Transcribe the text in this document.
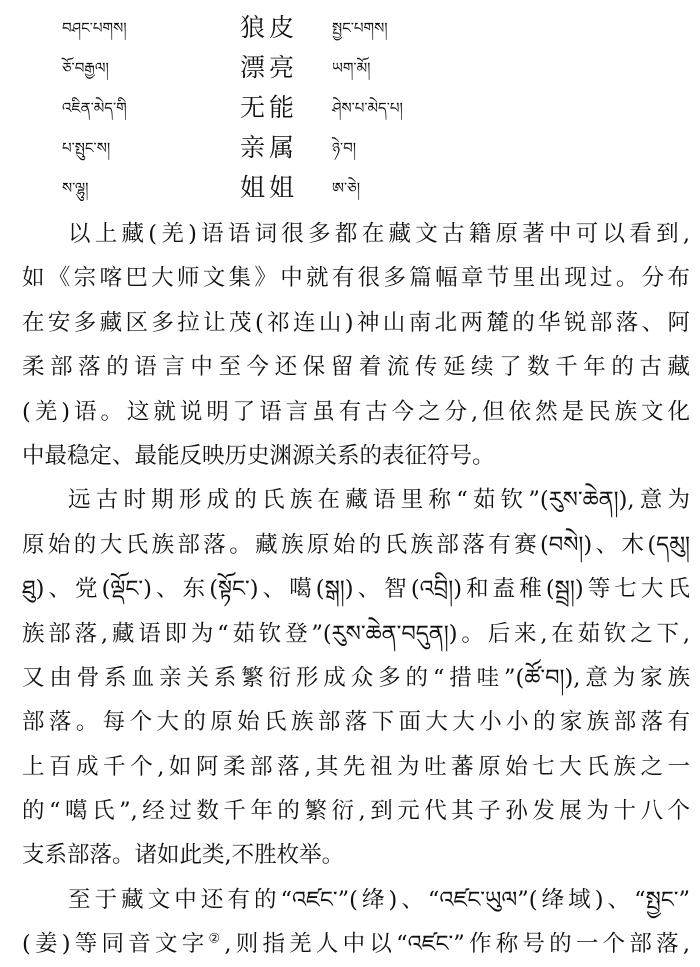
བཤང་པགས།	狼皮 སྤྱང་པགས།
ཅོ་བརྒྱལ།	漂亮 ཡག་མོ།
འཇིན་མེད་གི	无能 ཤེས་པ་མེད་པ།
པ་སྤུང་ས།	亲属 ཉེ་བ།
ས་ལྷུ།	姐姐 ཨ་ཅེ།
以上藏(羌)语语词很多都在藏文古籍原著中可以看到,
如《宗喀巴大师文集》中就有很多篇幅章节里出现过。分布
在安多藏区多拉让茂(祁连山)神山南北两麓的华锐部落、阿
柔部落的语言中至今还保留着流传延续了数千年的古藏
(羌)语。这就说明了语言虽有古今之分,但依然是民族文化
中最稳定、最能反映历史渊源关系的表征符号。
远古时期形成的氏族在藏语里称“茹钦”(རུས་ཆེན།),意为
原始的大氏族部落。藏族原始的氏族部落有赛(བསེ།)、木(དམུ།
ཐུ)、党(ལྡོང་)、东(སྟོང་)、噶(སྒ།)、智(འབྲི།)和盍稚(སྦྲ།)等七大氏
族部落,藏语即为“茹钦登”(རུས་ཆེན་བདུན།)。后来,在茹钦之下,
又由骨系血亲关系繁衍形成众多的“措哇”(ཚོ་བ།),意为家族
部落。每个大的原始氏族部落下面大大小小的家族部落有
上百成千个,如阿柔部落,其先祖为吐蕃原始七大氏族之一
的“噶氏”,经过数千年的繁衍,到元代其子孙发展为十八个
支系部落。诸如此类,不胜枚举。
至于藏文中还有的“འཛང་”(绛)、“འཛང་ཡུལ”(绛域)、“སྤྱང་”
(姜)等同音文字②,则指羌人中以“འཛང་”作称号的一个部落,
